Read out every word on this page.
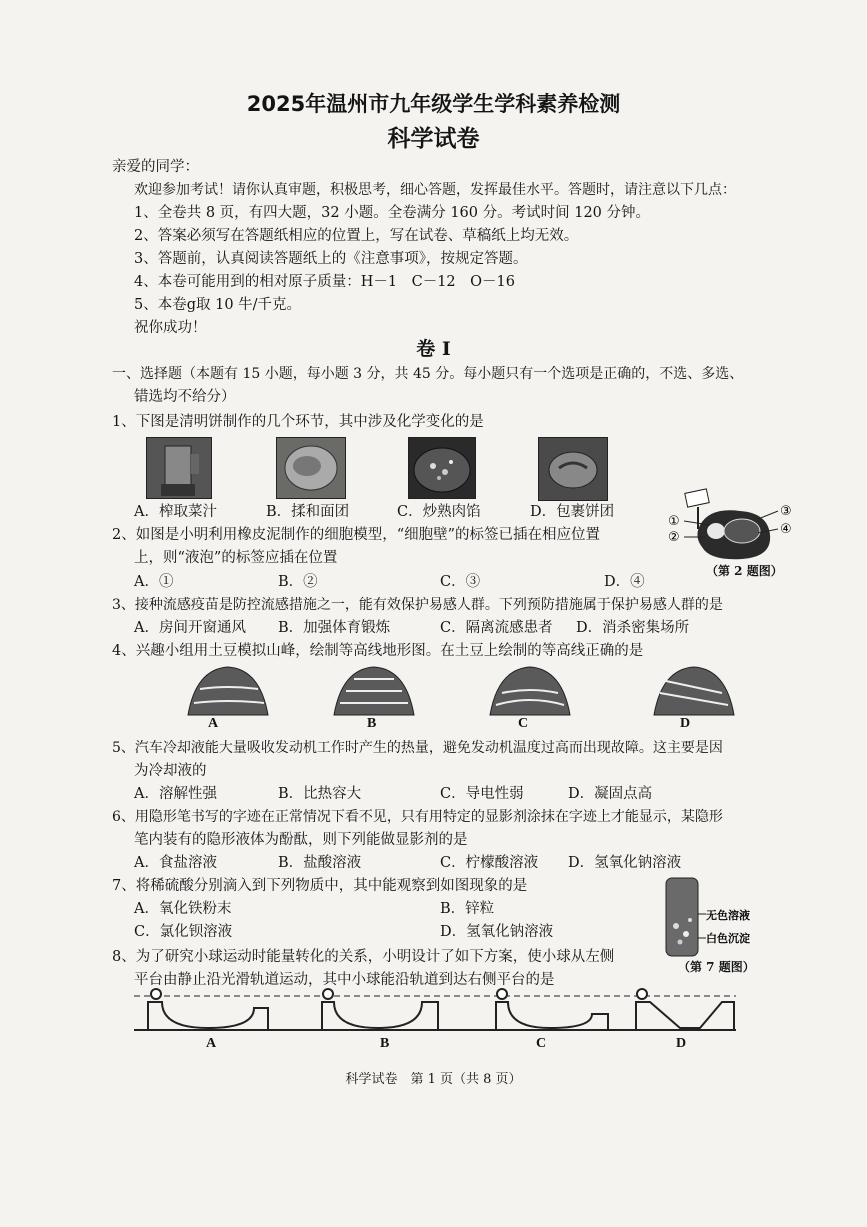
2025年温州市九年级学生学科素养检测
科学试卷
亲爱的同学：
欢迎参加考试！请你认真审题，积极思考，细心答题，发挥最佳水平。答题时，请注意以下几点：
1、全卷共 8 页，有四大题，32 小题。全卷满分 160 分。考试时间 120 分钟。
2、答案必须写在答题纸相应的位置上，写在试卷、草稿纸上均无效。
3、答题前，认真阅读答题纸上的《注意事项》，按规定答题。
4、本卷可能用到的相对原子质量：H－1　C－12　O－16
5、本卷g取 10 牛/千克。
祝你成功！
卷 I
一、选择题（本题有 15 小题，每小题 3 分，共 45 分。每小题只有一个选项是正确的，不选、多选、
错选均不给分）
1、下图是清明饼制作的几个环节，其中涉及化学变化的是
A．榨取菜汁	B．揉和面团	C．炒熟肉馅	D．包裹饼团
2、如图是小明利用橡皮泥制作的细胞模型，“细胞壁”的标签已插在相应位置
上，则“液泡”的标签应插在位置
A．①	B．②	C．③	D．④
①
②
③
④
（第 2 题图）
3、接种流感疫苗是防控流感措施之一，能有效保护易感人群。下列预防措施属于保护易感人群的是
A．房间开窗通风 B．加强体育锻炼	C．隔离流感患者 D．消杀密集场所
4、兴趣小组用土豆模拟山峰，绘制等高线地形图。在土豆上绘制的等高线正确的是
A	B	C	D
5、汽车冷却液能大量吸收发动机工作时产生的热量，避免发动机温度过高而出现故障。这主要是因
为冷却液的
A．溶解性强	B．比热容大	C．导电性弱	D．凝固点高
6、用隐形笔书写的字迹在正常情况下看不见，只有用特定的显影剂涂抹在字迹上才能显示，某隐形
笔内装有的隐形液体为酚酞，则下列能做显影剂的是
A．食盐溶液	B．盐酸溶液	C．柠檬酸溶液 D．氢氧化钠溶液
7、将稀硫酸分别滴入到下列物质中，其中能观察到如图现象的是
A．氧化铁粉末	B．锌粒
C．氯化钡溶液	D．氢氧化钠溶液
无色溶液
白色沉淀
（第 7 题图）
8、为了研究小球运动时能量转化的关系，小明设计了如下方案，使小球从左侧
平台由静止沿光滑轨道运动，其中小球能沿轨道到达右侧平台的是
A	B	C	D
科学试卷　第 1 页（共 8 页）
